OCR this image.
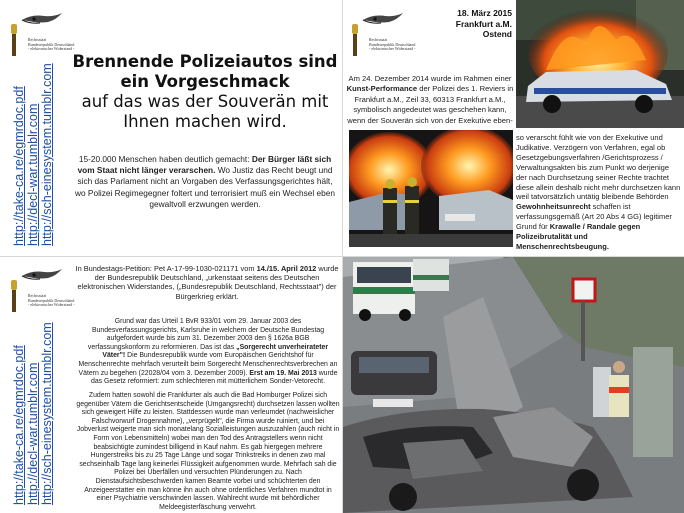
Rechtsstaat
Bundesrepublik Deutschland
- elektronischer Widerstand -
http://take-ca.re/egmrdoc.pdf http://decl-war.tumblr.com http://sch-einesystem.tumblr.com
Brennende Polizeiautos sind ein Vorgeschmack
auf das was der Souverän mit Ihnen machen wird.
15-20.000 Menschen haben deutlich gemacht: Der Bürger läßt sich vom Staat nicht länger verarschen. Wo Justiz das Recht beugt und sich das Parlament nicht an Vorgaben des Verfassungsgerichtes hält, wo Polizei Regimegegner foltert und terrorisiert muß ein Wechsel eben gewaltvoll erzwungen werden.
Rechtsstaat
Bundesrepublik Deutschland
- elektronischer Widerstand -
18. März 2015
Frankfurt a.M. Ostend
Am 24. Dezember 2014 wurde im Rahmen einer Kunst-Performance der Polizei des 1. Reviers in Frankfurt a.M., Zeil 33, 60313 Frankfurt a.M., symbolisch angedeutet was geschehen kann, wenn der Souverän sich von der Exekutive eben-
so verarscht fühlt wie von der Exekutive und Judikative. Verzögern von Verfahren, egal ob Gesetzgebungsverfahren /Gerichtsprozess / Verwaltungsakten bis zum Punkt wo derjenige der nach Durchsetzung seiner Rechte trachtet diese allein deshalb nicht mehr durchsetzen kann weil tatvorsätzlich untätig bleibende Behörden Gewohnheitsunrecht schaffen ist verfassungsgemäß (Art 20 Abs 4 GG) legitimer Grund für Krawalle / Randale gegen Polizeibrutalität und Menschenrechtsbeugung.
Rechtsstaat
Bundesrepublik Deutschland
- elektronischer Widerstand -
http://take-ca.re/egmrdoc.pdf http://decl-war.tumblr.com http://sch-einesystem.tumblr.com
In Bundestags-Petition: Pet A-17-99-1030-021171 vom 14./15. April 2012 wurde der Bundesrepublik Deutschland, „urkenstaat seitens des Deutschen elektronischen Widerstandes, („Bundesrepublik Deutschland, Rechtsstaat") der Bürgerkrieg erklärt.
Grund war das Urteil 1 BvR 933/01 vom 29. Januar 2003 des Bundesverfassungsgerichts, Karlsruhe in welchem der Deutsche Bundestag aufgefordert wurde bis zum 31. Dezember 2003 den § 1626a BGB verfassungskonform zu reformieren. Das ist das „Sorgerecht unverheirateter Väter"! Die Bundesrepublik wurde vom Europäischen Gerichtshof für Menschenrechte mehrfach verurteilt beim Sorgerecht Menschenrechtsverbrechen an Vätern zu begehen (22028/04 vom 3. Dezember 2009). Erst am 19. Mai 2013 wurde das Gesetz reformiert: zum schlechteren mit mütterlichem Sonder-Vetorecht.
Zudem hatten sowohl die Frankfurter als auch die Bad Homburger Polizei sich gegenüber Vätern die Gerichtsentscheide (Umgangsrecht) durchsetzen lassen wollten sich geweigert Hilfe zu leisten. Stattdessen wurde man verleumdet (nachweislicher Falschvorwurf Drogennahme), „verprügelt", die Firma wurde ruiniert, und bei Jobverlust weigerte man sich monatelang Sozialleistungen auszuzahlen (auch nicht in Form von Lebensmitteln) wobei man den Tod des Antragstellers wenn nicht beabsichtigte zumindest billigend in Kauf nahm. Es gab hiergegen mehrere Hungerstreiks bis zu 25 Tage Länge und sogar Trinkstreiks in denen zwo mal sechseinhalb Tage lang keinerlei Flüssigkeit aufgenommen wurde. Mehrfach sah die Polizei bei Überfällen und versuchten Plünderungen zu. Nach Dienstaufsichtsbeschwerden kamen Beamte vorbei und schüchterten den Anzeigeerstatter ein man könne ihn auch ohne ordentliches Verfahren mundtot in einer Psychiatrie verschwinden lassen. Wahlrecht wurde mit behördlicher Meldeegisterfäschung verwehrt.
